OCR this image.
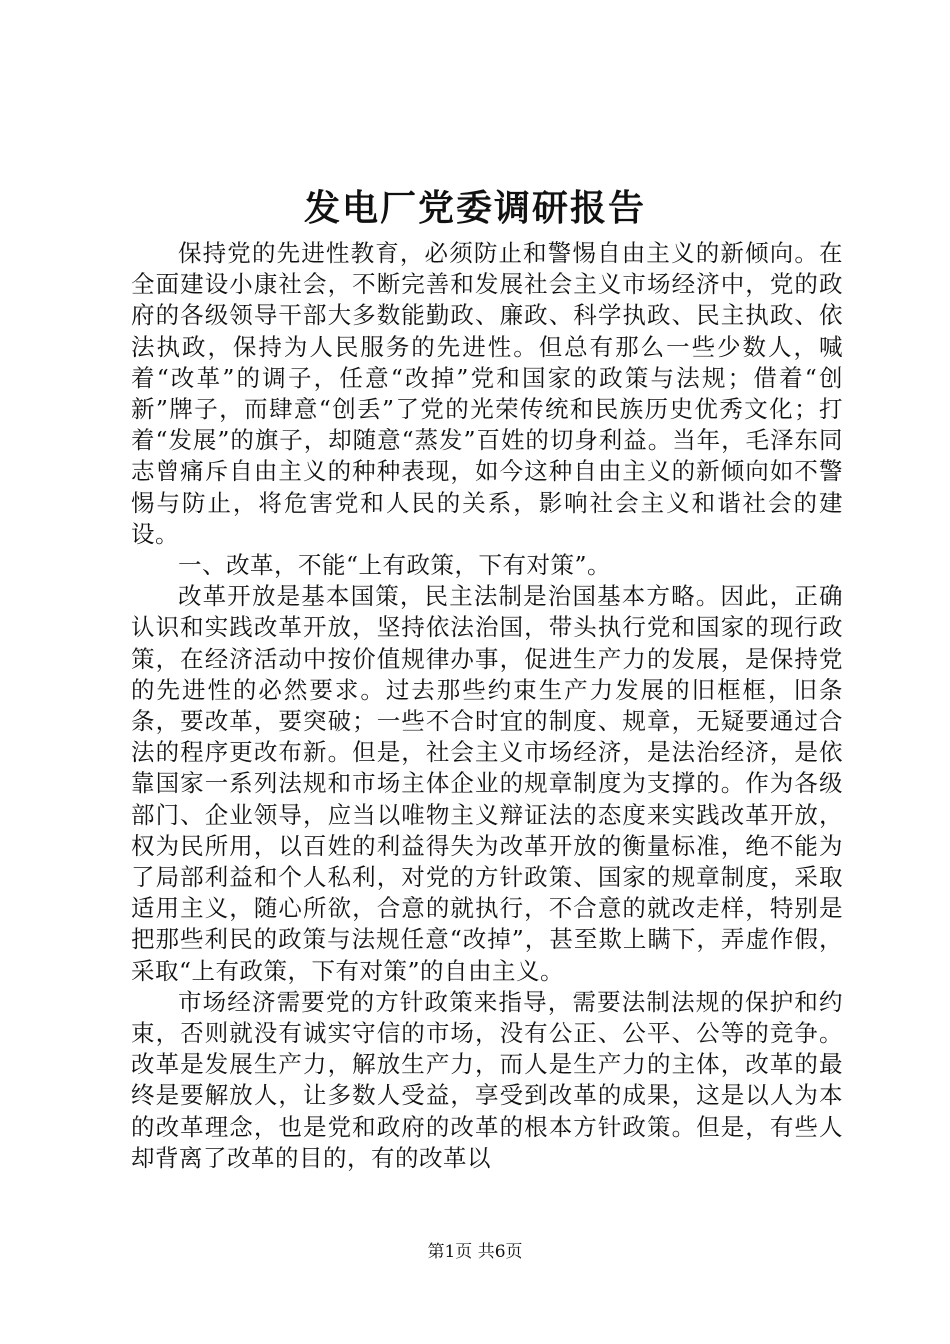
发电厂党委调研报告

保持党的先进性教育，必须防止和警惕自由主义的新倾向。在全面建设小康社会，不断完善和发展社会主义市场经济中，党的政府的各级领导干部大多数能勤政、廉政、科学执政、民主执政、依法执政，保持为人民服务的先进性。但总有那么一些少数人，喊着“改革”的调子，任意“改掉”党和国家的政策与法规；借着“创新”牌子，而肆意“创丢”了党的光荣传统和民族历史优秀文化；打着“发展”的旗子，却随意“蒸发”百姓的切身利益。当年，毛泽东同志曾痛斥自由主义的种种表现，如今这种自由主义的新倾向如不警惕与防止，将危害党和人民的关系，影响社会主义和谐社会的建设。

一、改革，不能“上有政策，下有对策”。

改革开放是基本国策，民主法制是治国基本方略。因此，正确认识和实践改革开放，坚持依法治国，带头执行党和国家的现行政策，在经济活动中按价值规律办事，促进生产力的发展，是保持党的先进性的必然要求。过去那些约束生产力发展的旧框框，旧条条，要改革，要突破；一些不合时宜的制度、规章，无疑要通过合法的程序更改布新。但是，社会主义市场经济，是法治经济，是依靠国家一系列法规和市场主体企业的规章制度为支撑的。作为各级部门、企业领导，应当以唯物主义辩证法的态度来实践改革开放，权为民所用，以百姓的利益得失为改革开放的衡量标准，绝不能为了局部利益和个人私利，对党的方针政策、国家的规章制度，采取适用主义，随心所欲，合意的就执行，不合意的就改走样，特别是把那些利民的政策与法规任意“改掉”，甚至欺上瞒下，弄虚作假，采取“上有政策，下有对策”的自由主义。

市场经济需要党的方针政策来指导，需要法制法规的保护和约束，否则就没有诚实守信的市场，没有公正、公平、公等的竞争。改革是发展生产力，解放生产力，而人是生产力的主体，改革的最终是要解放人，让多数人受益，享受到改革的成果，这是以人为本的改革理念，也是党和政府的改革的根本方针政策。但是，有些人却背离了改革的目的，有的改革以

第1页 共6页
